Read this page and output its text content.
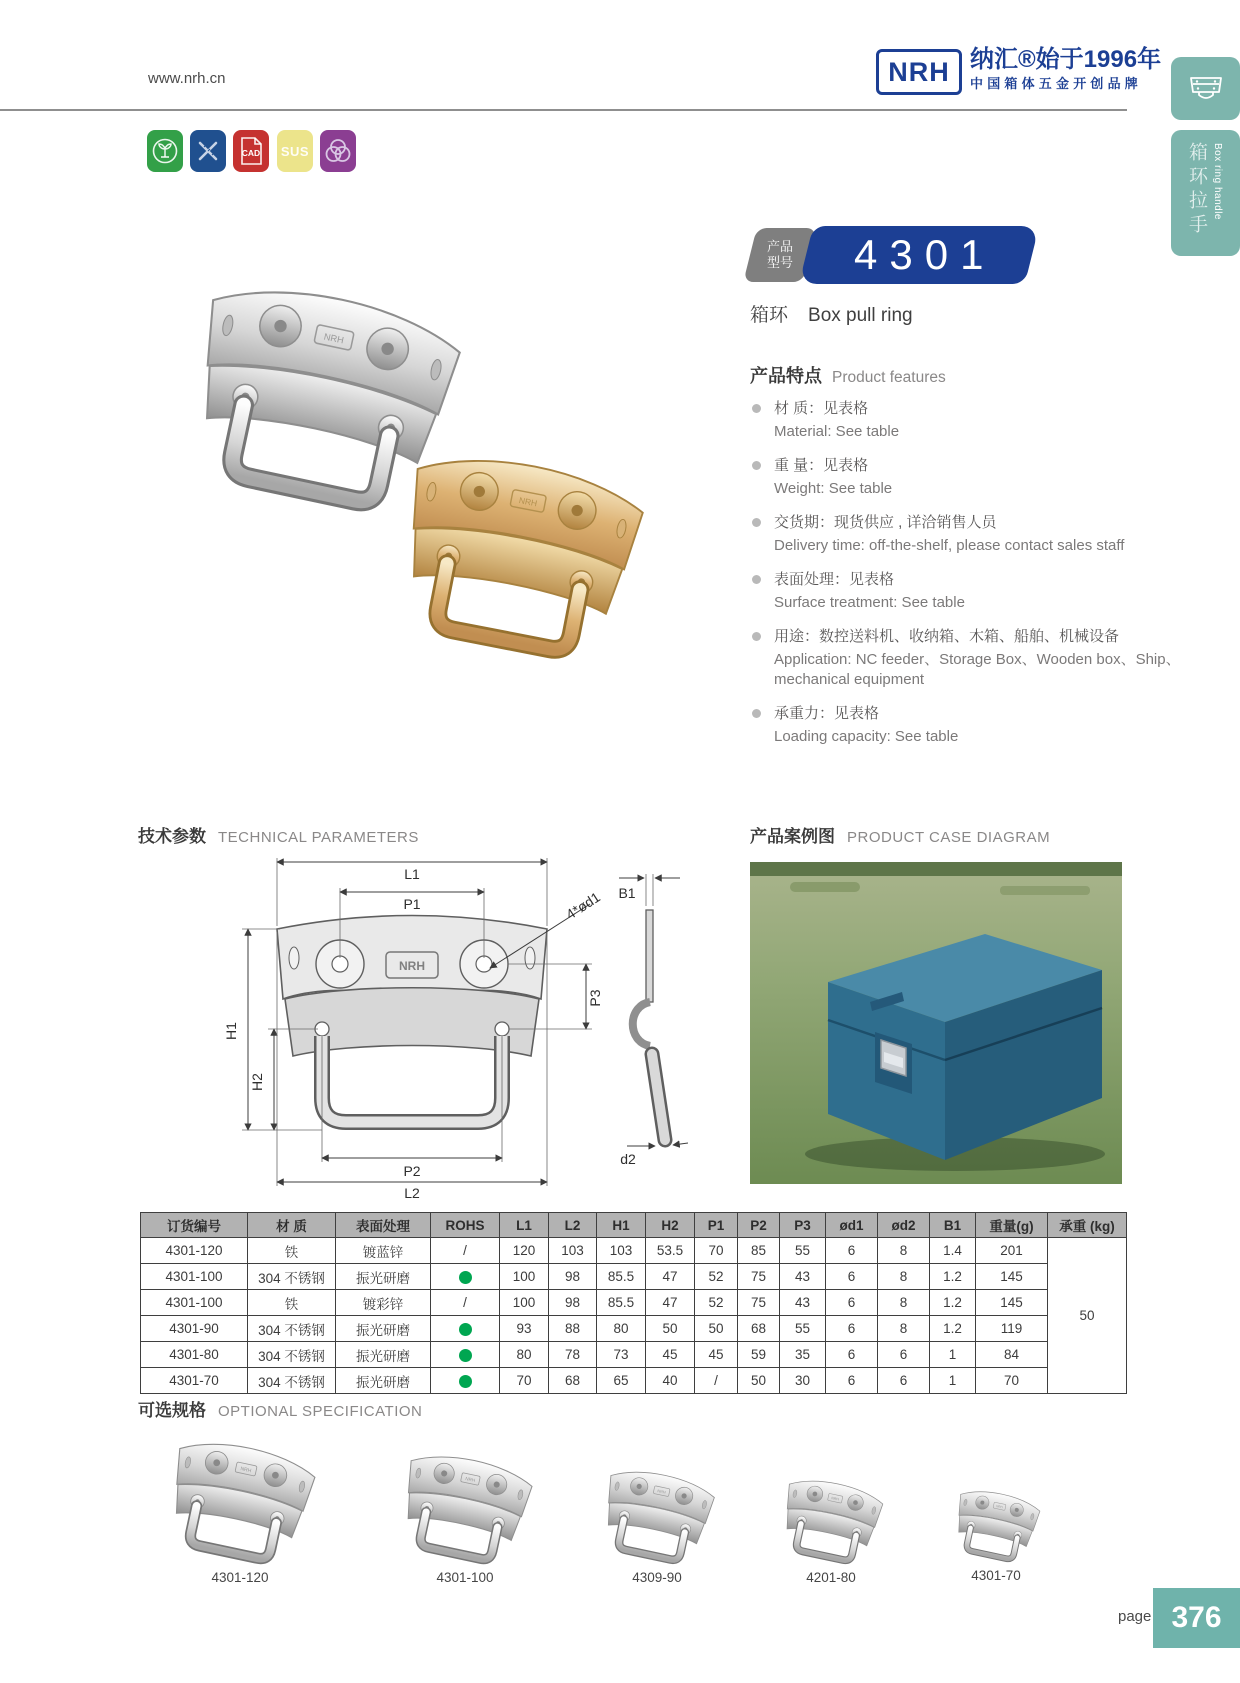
www.nrh.cn	NRH 纳汇®始于1996年
中国箱体五金开创品牌
CAD SUS	箱环拉手 Box ring handle
产品
型号 4301
箱环 Box pull ring
产品特点 Product features
材 质：见表格
Material: See table
重 量：见表格
Weight: See table
交货期：现货供应 , 详洽销售人员
Delivery time: off-the-shelf, please contact sales staff
表面处理：见表格
Surface treatment: See table
用途：数控送料机、收纳箱、木箱、船舶、机械设备
Application: NC feeder、Storage Box、Wooden box、Ship、mechanical equipment
承重力：见表格
Loading capacity: See table
技术参数 TECHNICAL PARAMETERS
NRH
L1
P1
H1
H2
P2
L2
P3
4*ød1 B1
d2
产品案例图 PRODUCT CASE DIAGRAM
订货编号	材 质	表面处理	ROHS	L1	L2	H1	H2	P1	P2	P3	ød1	ød2	B1	重量(g)	承重 (kg)
4301-120	铁	镀蓝锌	/	120	103	103	53.5	70	85	55	6	8	1.4	201	50
4301-100	304 不锈钢	振光研磨		100	98	85.5	47	52	75	43	6	8	1.2	145	
4301-100	铁	镀彩锌	/	100	98	85.5	47	52	75	43	6	8	1.2	145	
4301-90	304 不锈钢	振光研磨		93	88	80	50	50	68	55	6	8	1.2	119	
4301-80	304 不锈钢	振光研磨		80	78	73	45	45	59	35	6	6	1	84	
4301-70	304 不锈钢	振光研磨		70	68	65	40	/	50	30	6	6	1	70	
可选规格 OPTIONAL SPECIFICATION
4301-120	4301-100	4309-90	4201-80	4301-70
page 376
